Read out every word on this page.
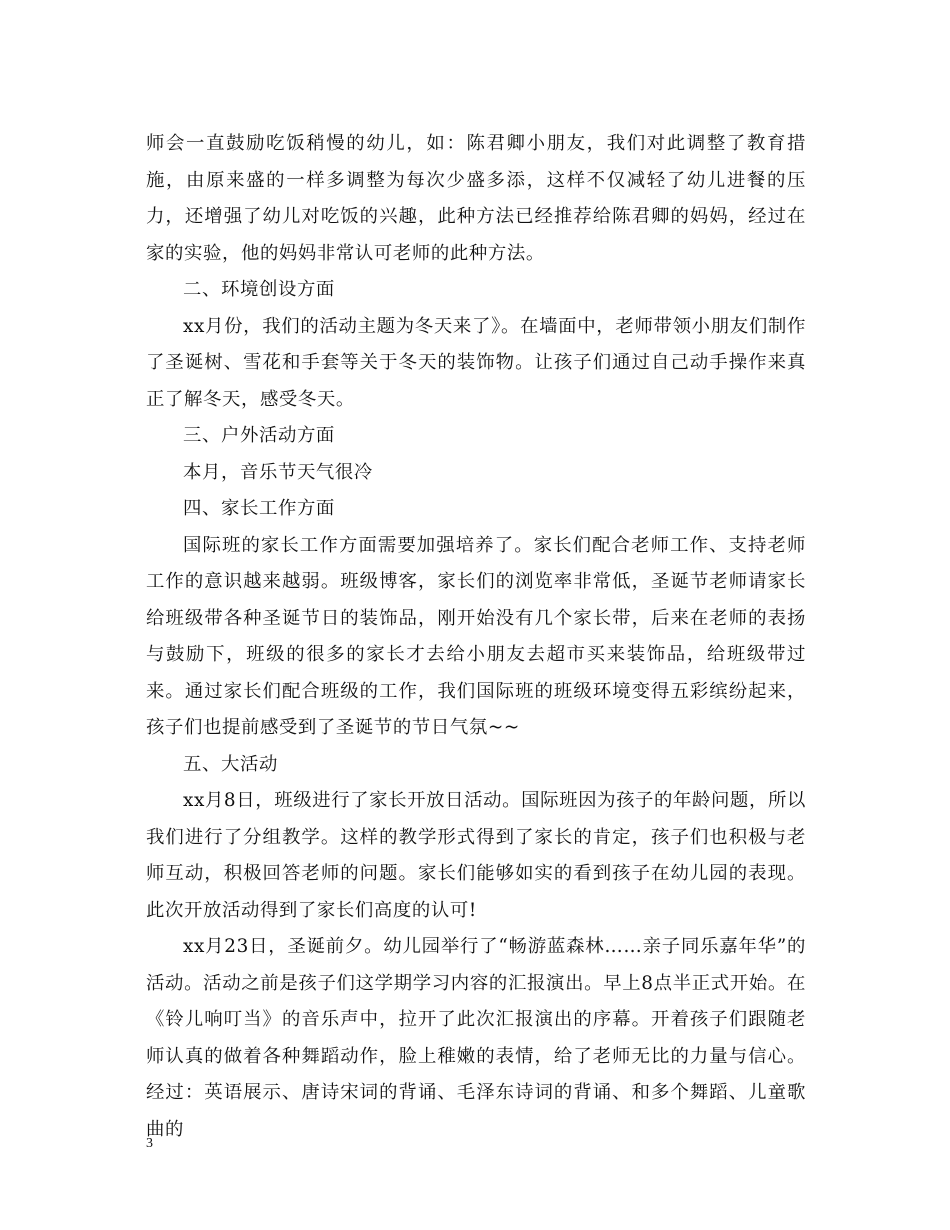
师会一直鼓励吃饭稍慢的幼儿，如：陈君卿小朋友，我们对此调整了教育措施，由原来盛的一样多调整为每次少盛多添，这样不仅减轻了幼儿进餐的压力，还增强了幼儿对吃饭的兴趣，此种方法已经推荐给陈君卿的妈妈，经过在家的实验，他的妈妈非常认可老师的此种方法。

二、环境创设方面

xx月份，我们的活动主题为冬天来了》。在墙面中，老师带领小朋友们制作了圣诞树、雪花和手套等关于冬天的装饰物。让孩子们通过自己动手操作来真正了解冬天，感受冬天。

三、户外活动方面

本月，音乐节天气很冷

四、家长工作方面

国际班的家长工作方面需要加强培养了。家长们配合老师工作、支持老师工作的意识越来越弱。班级博客，家长们的浏览率非常低，圣诞节老师请家长给班级带各种圣诞节日的装饰品，刚开始没有几个家长带，后来在老师的表扬与鼓励下，班级的很多的家长才去给小朋友去超市买来装饰品，给班级带过来。通过家长们配合班级的工作，我们国际班的班级环境变得五彩缤纷起来，孩子们也提前感受到了圣诞节的节日气氛~~

五、大活动

xx月8日，班级进行了家长开放日活动。国际班因为孩子的年龄问题，所以我们进行了分组教学。这样的教学形式得到了家长的肯定，孩子们也积极与老师互动，积极回答老师的问题。家长们能够如实的看到孩子在幼儿园的表现。此次开放活动得到了家长们高度的认可!

xx月23日，圣诞前夕。幼儿园举行了“畅游蓝森林……亲子同乐嘉年华”的活动。活动之前是孩子们这学期学习内容的汇报演出。早上8点半正式开始。在《铃儿响叮当》的音乐声中，拉开了此次汇报演出的序幕。开着孩子们跟随老师认真的做着各种舞蹈动作，脸上稚嫩的表情，给了老师无比的力量与信心。经过：英语展示、唐诗宋词的背诵、毛泽东诗词的背诵、和多个舞蹈、儿童歌曲的

3
